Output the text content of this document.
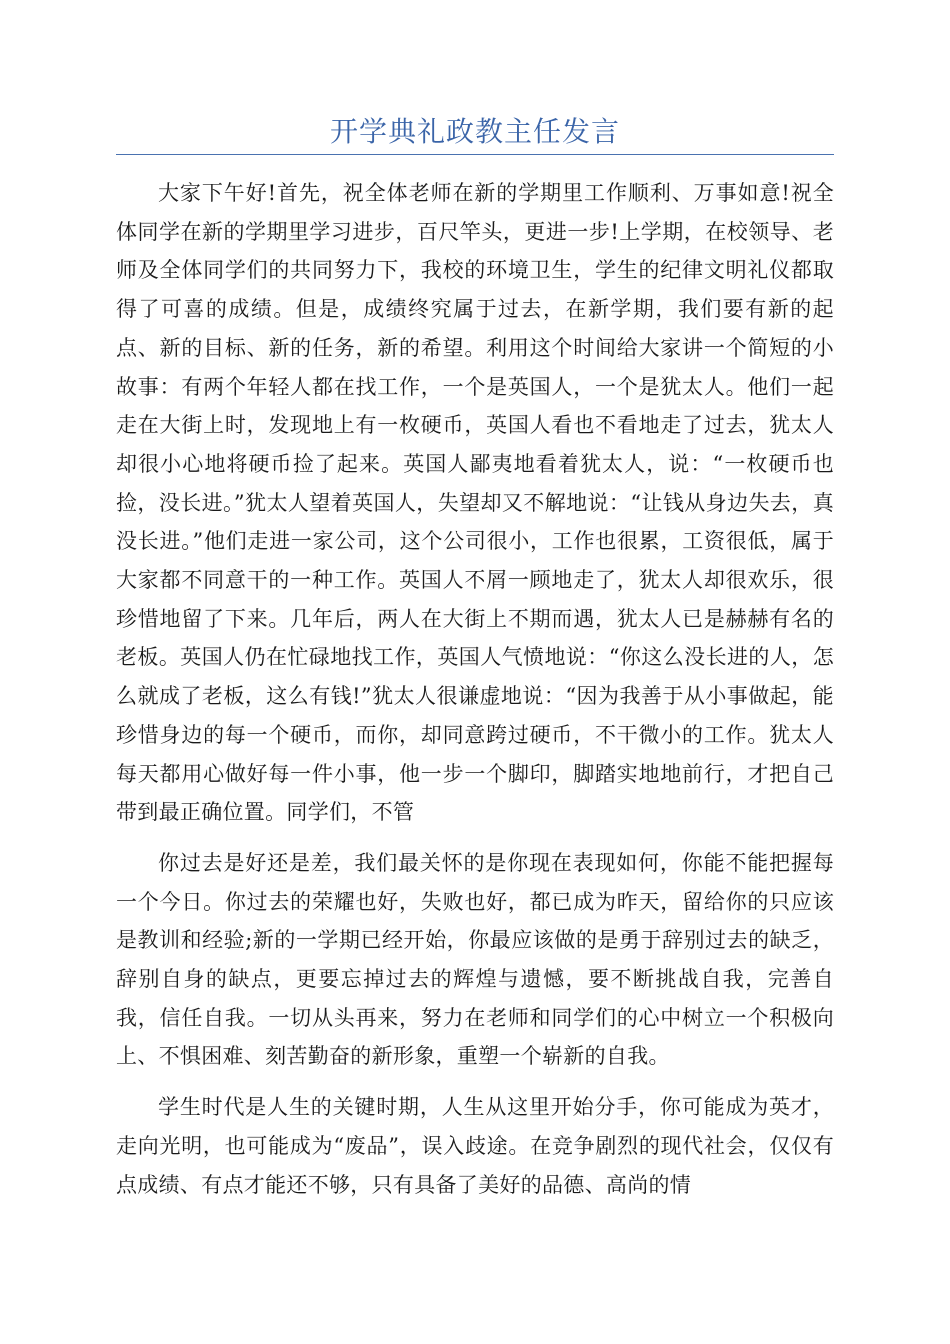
开学典礼政教主任发言

大家下午好!首先，祝全体老师在新的学期里工作顺利、万事如意!祝全体同学在新的学期里学习进步，百尺竿头，更进一步!上学期，在校领导、老师及全体同学们的共同努力下，我校的环境卫生，学生的纪律文明礼仪都取得了可喜的成绩。但是，成绩终究属于过去，在新学期，我们要有新的起点、新的目标、新的任务，新的希望。利用这个时间给大家讲一个简短的小故事：有两个年轻人都在找工作，一个是英国人，一个是犹太人。他们一起走在大街上时，发现地上有一枚硬币，英国人看也不看地走了过去，犹太人却很小心地将硬币捡了起来。英国人鄙夷地看着犹太人，说：“一枚硬币也捡，没长进。”犹太人望着英国人，失望却又不解地说：“让钱从身边失去，真没长进。”他们走进一家公司，这个公司很小，工作也很累，工资很低，属于大家都不同意干的一种工作。英国人不屑一顾地走了，犹太人却很欢乐，很珍惜地留了下来。几年后，两人在大街上不期而遇，犹太人已是赫赫有名的老板。英国人仍在忙碌地找工作，英国人气愤地说：“你这么没长进的人，怎么就成了老板，这么有钱!”犹太人很谦虚地说：“因为我善于从小事做起，能珍惜身边的每一个硬币，而你，却同意跨过硬币，不干微小的工作。犹太人每天都用心做好每一件小事，他一步一个脚印，脚踏实地地前行，才把自己带到最正确位置。同学们，不管

你过去是好还是差，我们最关怀的是你现在表现如何，你能不能把握每一个今日。你过去的荣耀也好，失败也好，都已成为昨天，留给你的只应该是教训和经验;新的一学期已经开始，你最应该做的是勇于辞别过去的缺乏，辞别自身的缺点，更要忘掉过去的辉煌与遗憾，要不断挑战自我，完善自我，信任自我。一切从头再来，努力在老师和同学们的心中树立一个积极向上、不惧困难、刻苦勤奋的新形象，重塑一个崭新的自我。

学生时代是人生的关键时期，人生从这里开始分手，你可能成为英才，走向光明，也可能成为“废品”，误入歧途。在竞争剧烈的现代社会，仅仅有点成绩、有点才能还不够，只有具备了美好的品德、高尚的情
